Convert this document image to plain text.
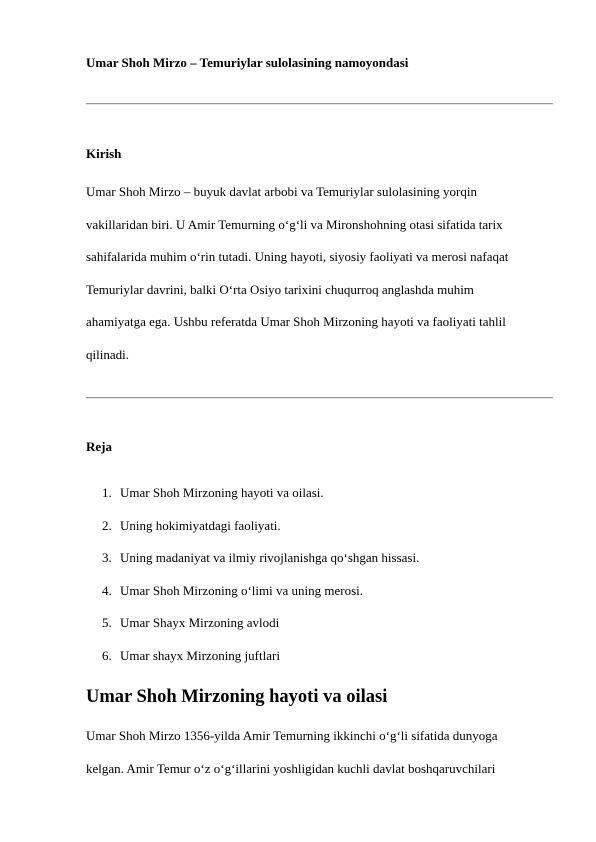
Umar Shoh Mirzo – Temuriylar sulolasining namoyondasi
Kirish
Umar Shoh Mirzo – buyuk davlat arbobi va Temuriylar sulolasining yorqin
vakillaridan biri. U Amir Temurning o‘g‘li va Mironshohning otasi sifatida tarix
sahifalarida muhim o‘rin tutadi. Uning hayoti, siyosiy faoliyati va merosi nafaqat
Temuriylar davrini, balki O‘rta Osiyo tarixini chuqurroq anglashda muhim
ahamiyatga ega. Ushbu referatda Umar Shoh Mirzoning hayoti va faoliyati tahlil
qilinadi.
Reja
1. Umar Shoh Mirzoning hayoti va oilasi.
2. Uning hokimiyatdagi faoliyati.
3. Uning madaniyat va ilmiy rivojlanishga qo‘shgan hissasi.
4. Umar Shoh Mirzoning o‘limi va uning merosi.
5. Umar Shayx Mirzoning avlodi
6. Umar shayx Mirzoning juftlari
Umar Shoh Mirzoning hayoti va oilasi
Umar Shoh Mirzo 1356-yilda Amir Temurning ikkinchi o‘g‘li sifatida dunyoga
kelgan. Amir Temur o‘z o‘g‘illarini yoshligidan kuchli davlat boshqaruvchilari
